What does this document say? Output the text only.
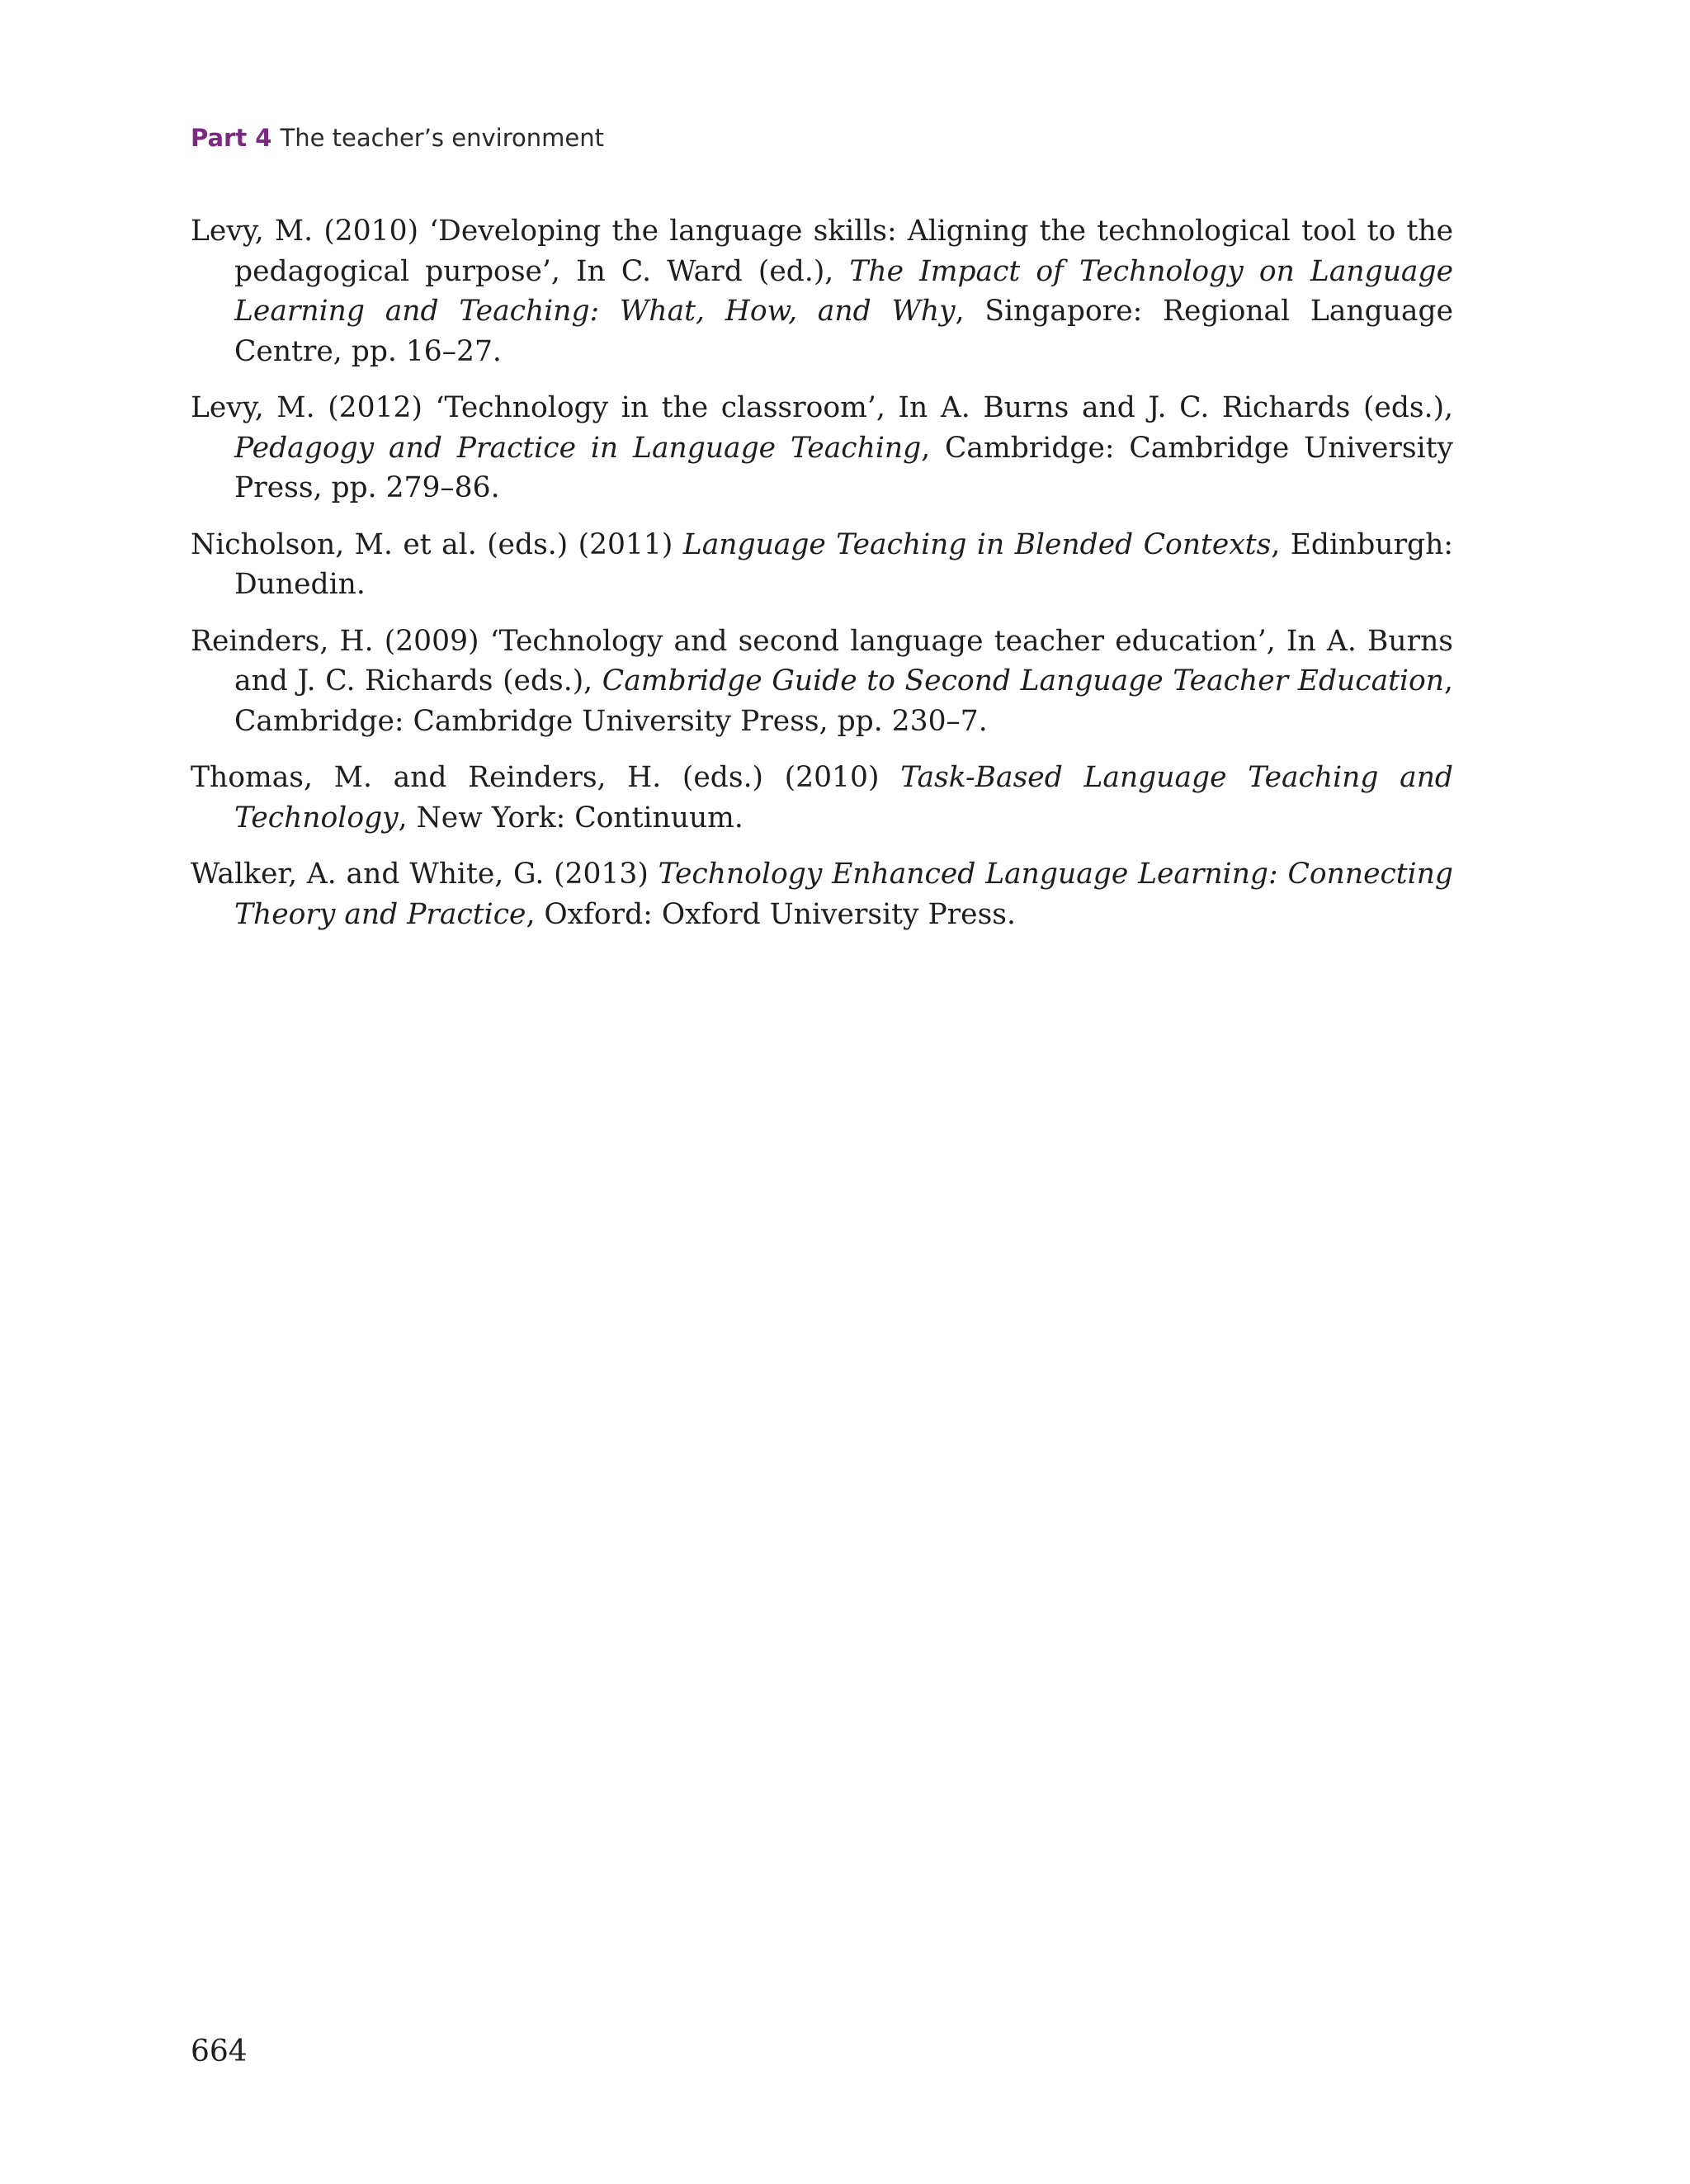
Part 4 The teacher’s environment

Levy, M. (2010) ‘Developing the language skills: Aligning the technological tool to the pedagogical purpose’, In C. Ward (ed.), The Impact of Technology on Language Learning and Teaching: What, How, and Why, Singapore: Regional Language Centre, pp. 16–27.

Levy, M. (2012) ‘Technology in the classroom’, In A. Burns and J. C. Richards (eds.), Pedagogy and Practice in Language Teaching, Cambridge: Cambridge University Press, pp. 279–86.

Nicholson, M. et al. (eds.) (2011) Language Teaching in Blended Contexts, Edinburgh: Dunedin.

Reinders, H. (2009) ‘Technology and second language teacher education’, In A. Burns and J. C. Richards (eds.), Cambridge Guide to Second Language Teacher Education, Cambridge: Cambridge University Press, pp. 230–7.

Thomas, M. and Reinders, H. (eds.) (2010) Task-Based Language Teaching and Technology, New York: Continuum.

Walker, A. and White, G. (2013) Technology Enhanced Language Learning: Connecting Theory and Practice, Oxford: Oxford University Press.

664
